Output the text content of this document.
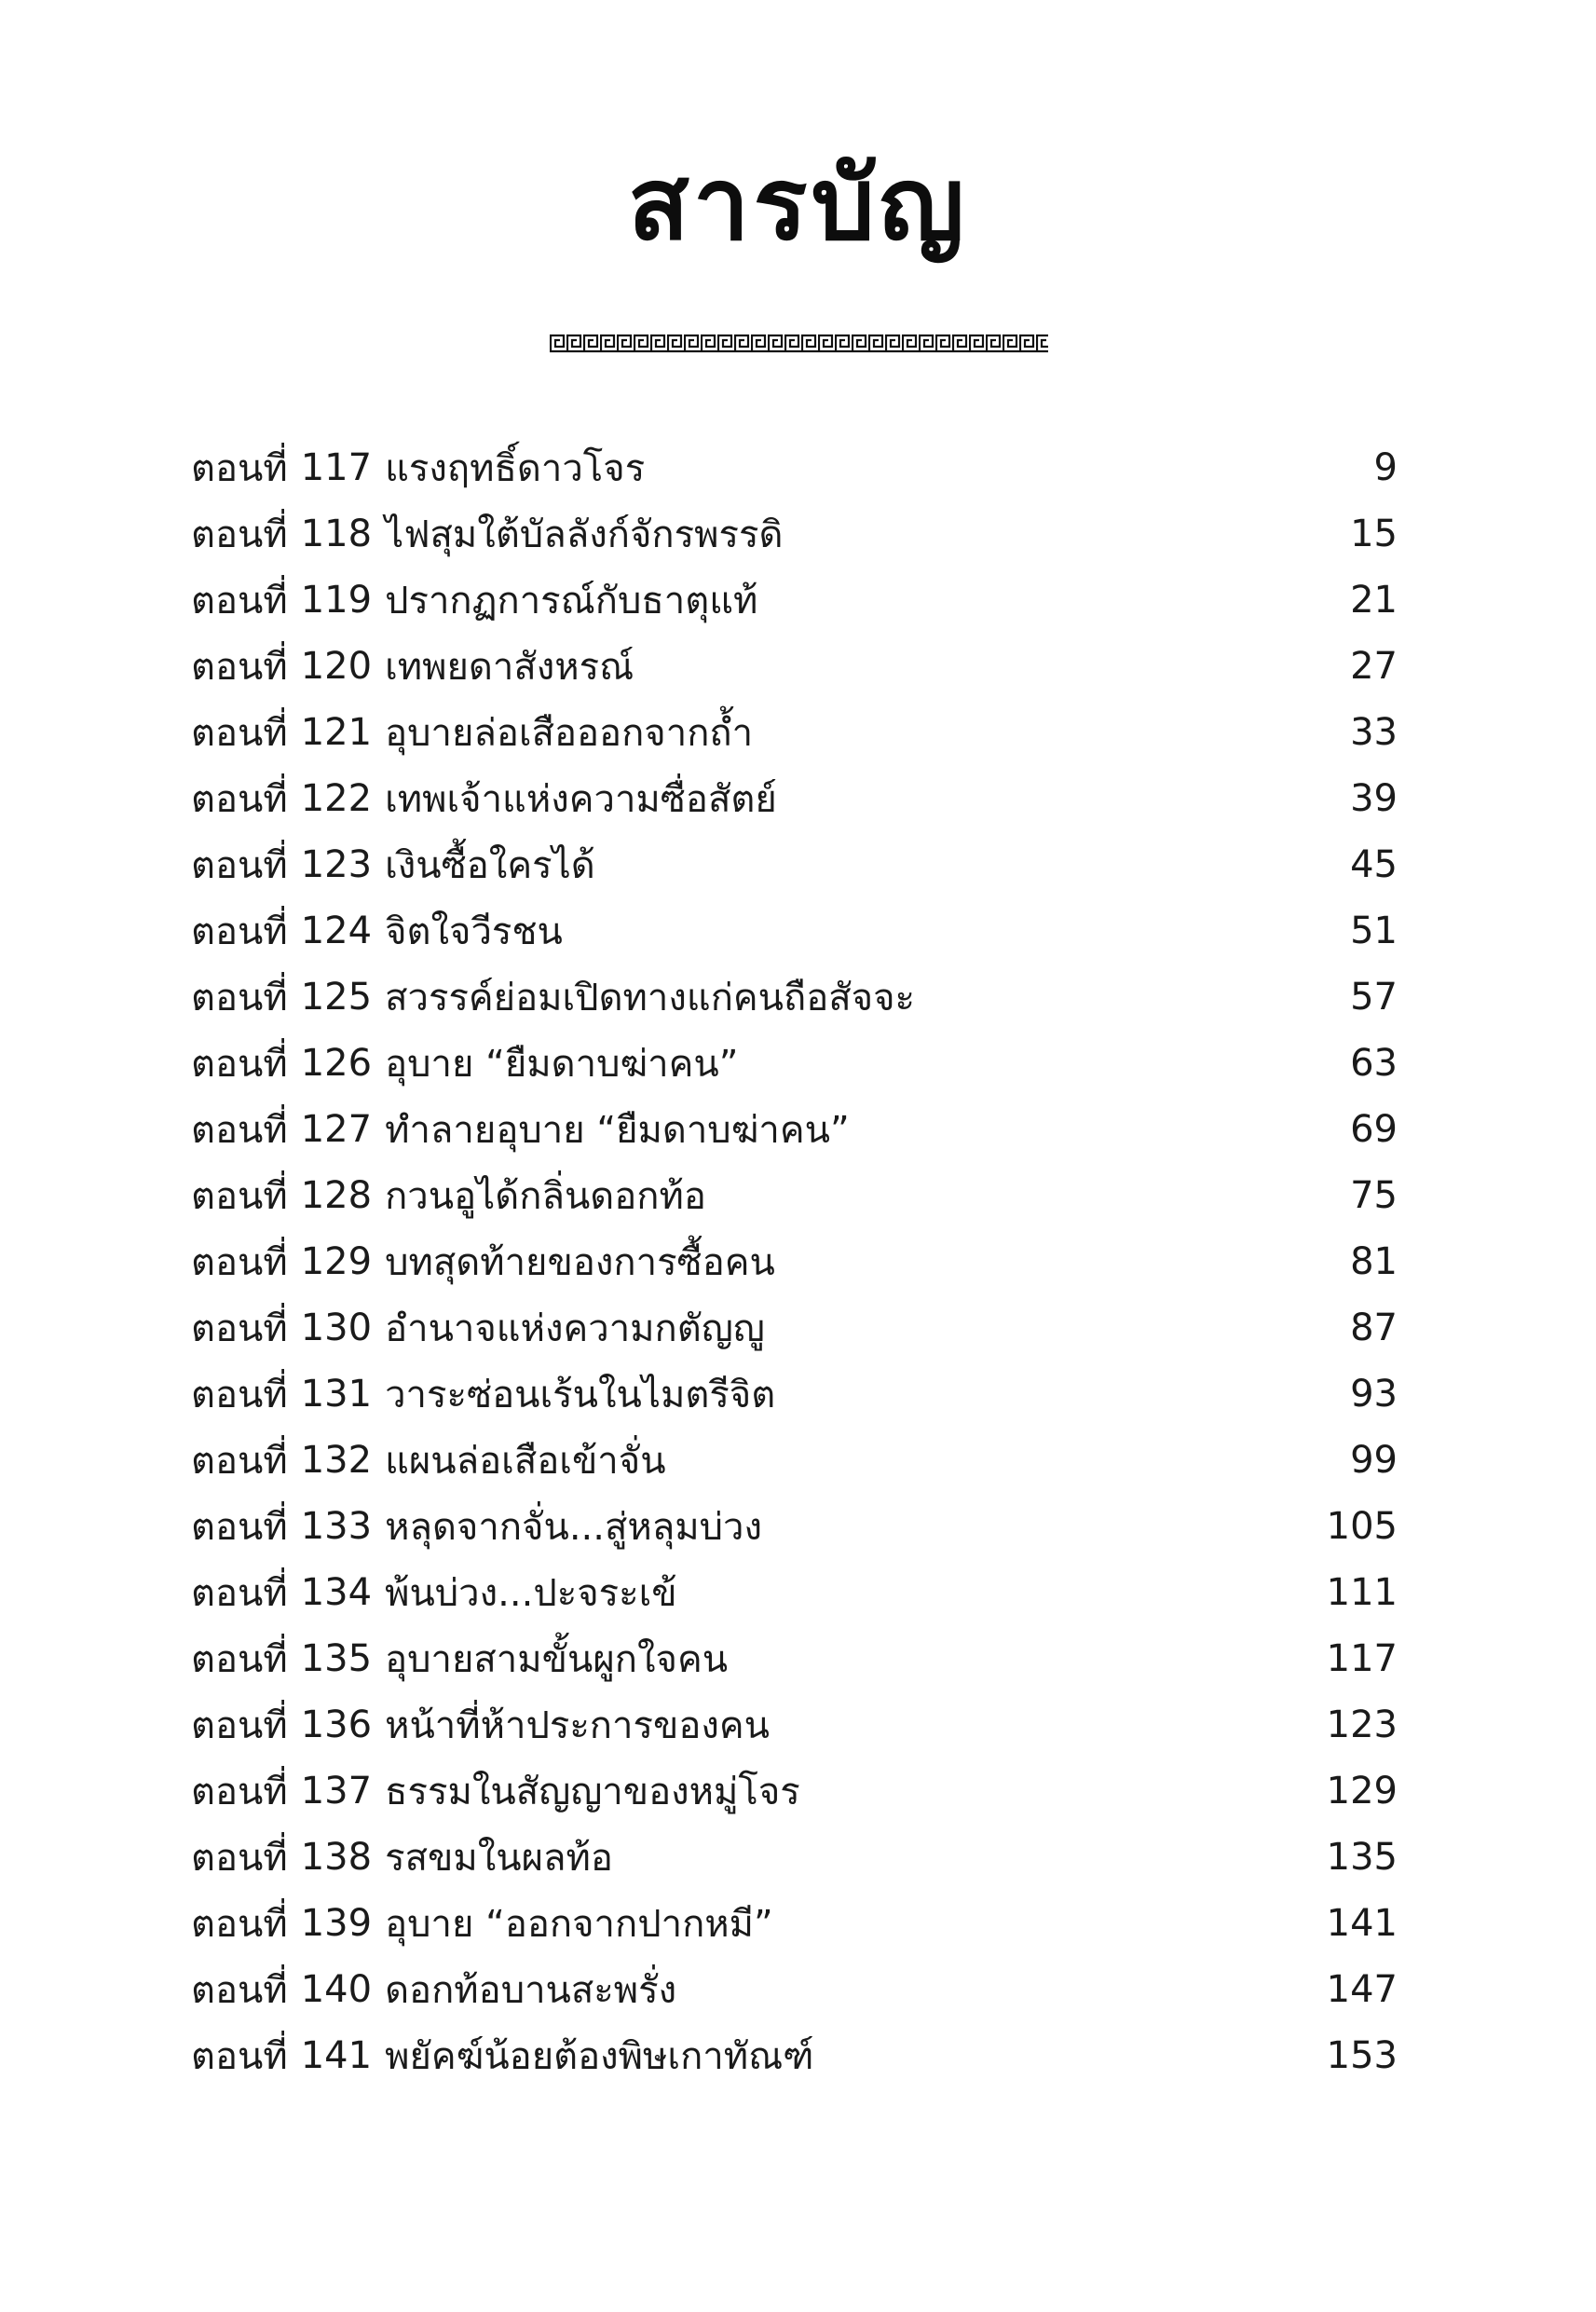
สารบัญ
ตอนที่ 117 แรงฤทธิ์ดาวโจร	9
ตอนที่ 118 ไฟสุมใต้บัลลังก์จักรพรรดิ	15
ตอนที่ 119 ปรากฏการณ์กับธาตุแท้	21
ตอนที่ 120 เทพยดาสังหรณ์	27
ตอนที่ 121 อุบายล่อเสือออกจากถ้ำ	33
ตอนที่ 122 เทพเจ้าแห่งความซื่อสัตย์	39
ตอนที่ 123 เงินซื้อใครได้	45
ตอนที่ 124 จิตใจวีรชน	51
ตอนที่ 125 สวรรค์ย่อมเปิดทางแก่คนถือสัจจะ	57
ตอนที่ 126 อุบาย “ยืมดาบฆ่าคน”	63
ตอนที่ 127 ทำลายอุบาย “ยืมดาบฆ่าคน”	69
ตอนที่ 128 กวนอูได้กลิ่นดอกท้อ	75
ตอนที่ 129 บทสุดท้ายของการซื้อคน	81
ตอนที่ 130 อำนาจแห่งความกตัญญู	87
ตอนที่ 131 วาระซ่อนเร้นในไมตรีจิต	93
ตอนที่ 132 แผนล่อเสือเข้าจั่น	99
ตอนที่ 133 หลุดจากจั่น...สู่หลุมบ่วง	105
ตอนที่ 134 พ้นบ่วง...ปะจระเข้	111
ตอนที่ 135 อุบายสามขั้นผูกใจคน	117
ตอนที่ 136 หน้าที่ห้าประการของคน	123
ตอนที่ 137 ธรรมในสัญญาของหมู่โจร	129
ตอนที่ 138 รสขมในผลท้อ	135
ตอนที่ 139 อุบาย “ออกจากปากหมี”	141
ตอนที่ 140 ดอกท้อบานสะพรั่ง	147
ตอนที่ 141 พยัคฆ์น้อยต้องพิษเกาทัณฑ์	153
